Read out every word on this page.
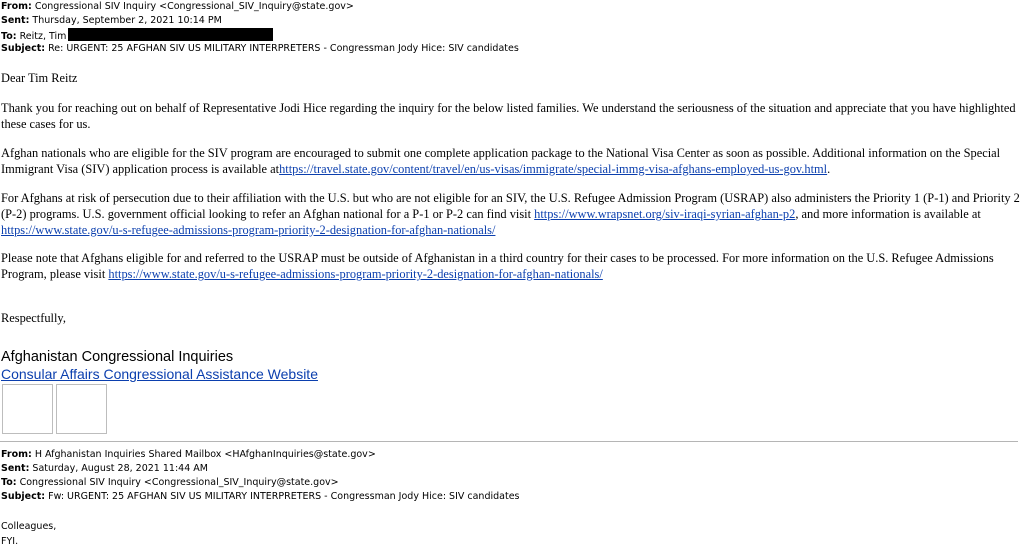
From: Congressional SIV Inquiry <Congressional_SIV_Inquiry@state.gov>
Sent: Thursday, September 2, 2021 10:14 PM
To: Reitz, Tim
Subject: Re: URGENT: 25 AFGHAN SIV US MILITARY INTERPRETERS - Congressman Jody Hice: SIV candidates
Dear Tim Reitz
Thank you for reaching out on behalf of Representative Jodi Hice regarding the inquiry for the below listed families. We understand the seriousness of the situation and appreciate that you have highlighted these cases for us.
Afghan nationals who are eligible for the SIV program are encouraged to submit one complete application package to the National Visa Center as soon as possible. Additional information on the Special Immigrant Visa (SIV) application process is available athttps://travel.state.gov/content/travel/en/us-visas/immigrate/special-immg-visa-afghans-employed-us-gov.html.
For Afghans at risk of persecution due to their affiliation with the U.S. but who are not eligible for an SIV, the U.S. Refugee Admission Program (USRAP) also administers the Priority 1 (P-1) and Priority 2 (P-2) programs. U.S. government official looking to refer an Afghan national for a P-1 or P-2 can find visit https://www.wrapsnet.org/siv-iraqi-syrian-afghan-p2, and more information is available at https://www.state.gov/u-s-refugee-admissions-program-priority-2-designation-for-afghan-nationals/
Please note that Afghans eligible for and referred to the USRAP must be outside of Afghanistan in a third country for their cases to be processed. For more information on the U.S. Refugee Admissions Program, please visit https://www.state.gov/u-s-refugee-admissions-program-priority-2-designation-for-afghan-nationals/
Respectfully,
Afghanistan Congressional Inquiries
Consular Affairs Congressional Assistance Website
From: H Afghanistan Inquiries Shared Mailbox <HAfghanInquiries@state.gov>
Sent: Saturday, August 28, 2021 11:44 AM
To: Congressional SIV Inquiry <Congressional_SIV_Inquiry@state.gov>
Subject: Fw: URGENT: 25 AFGHAN SIV US MILITARY INTERPRETERS - Congressman Jody Hice: SIV candidates
Colleagues,
FYI.
